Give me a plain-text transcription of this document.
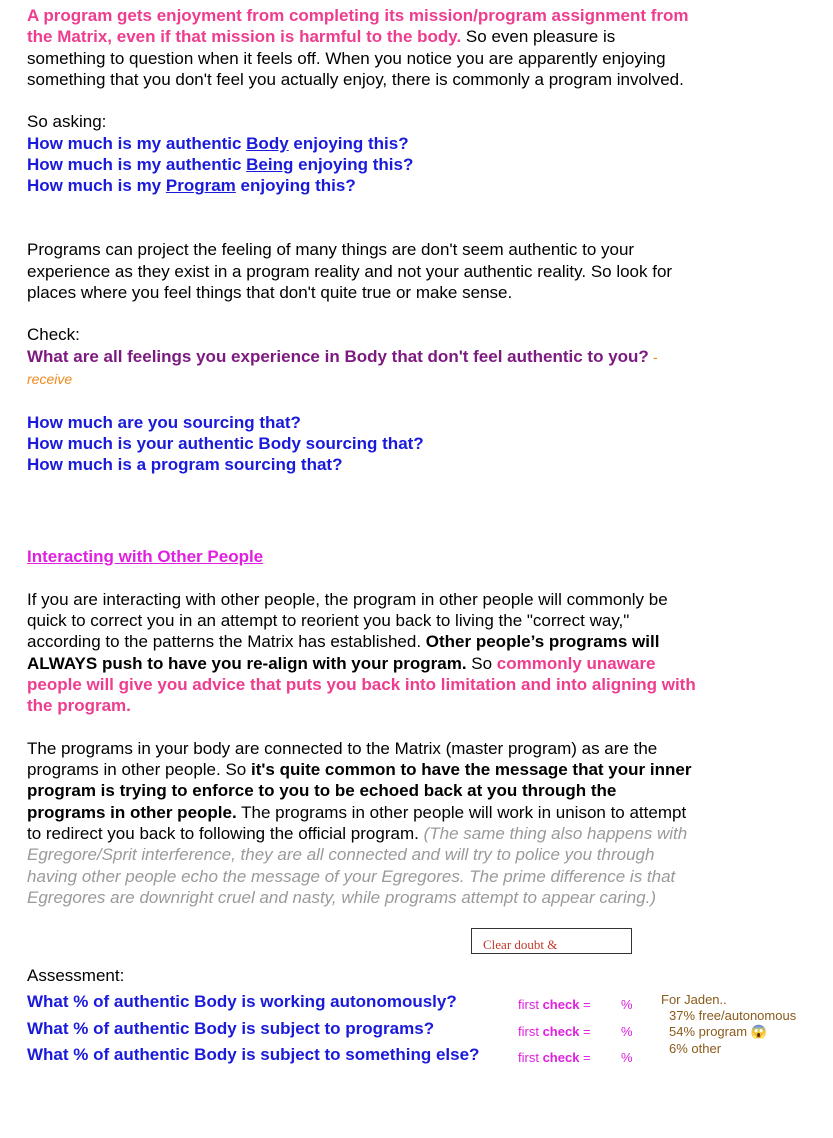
A program gets enjoyment from completing its mission/program assignment from the Matrix, even if that mission is harmful to the body. So even pleasure is something to question when it feels off. When you notice you are apparently enjoying something that you don't feel you actually enjoy, there is commonly a program involved.

So asking:

How much is my authentic Body enjoying this?

How much is my authentic Being enjoying this?

How much is my Program enjoying this?

Programs can project the feeling of many things are don't seem authentic to your experience as they exist in a program reality and not your authentic reality. So look for places where you feel things that don't quite true or make sense.

Check:

What are all feelings you experience in Body that don't feel authentic to you? -receive

How much are you sourcing that?

How much is your authentic Body sourcing that?

How much is a program sourcing that?

Interacting with Other People

If you are interacting with other people, the program in other people will commonly be quick to correct you in an attempt to reorient you back to living the "correct way," according to the patterns the Matrix has established. Other people’s programs will ALWAYS push to have you re-align with your program. So commonly unaware people will give you advice that puts you back into limitation and into aligning with the program.

The programs in your body are connected to the Matrix (master program) as are the programs in other people. So it's quite common to have the message that your inner program is trying to enforce to you to be echoed back at you through the programs in other people. The programs in other people will work in unison to attempt to redirect you back to following the official program. (The same thing also happens with Egregore/Sprit interference, they are all connected and will try to police you through having other people echo the message of your Egregores. The prime difference is that Egregores are downright cruel and nasty, while programs attempt to appear caring.)

Clear doubt &

Assessment:

What % of authentic Body is working autonomously?

What % of authentic Body is subject to programs?

What % of authentic Body is subject to something else?

first check =

first check =

first check =

%

%

%

For Jaden..

37% free/autonomous

54% program 😱

6% other
